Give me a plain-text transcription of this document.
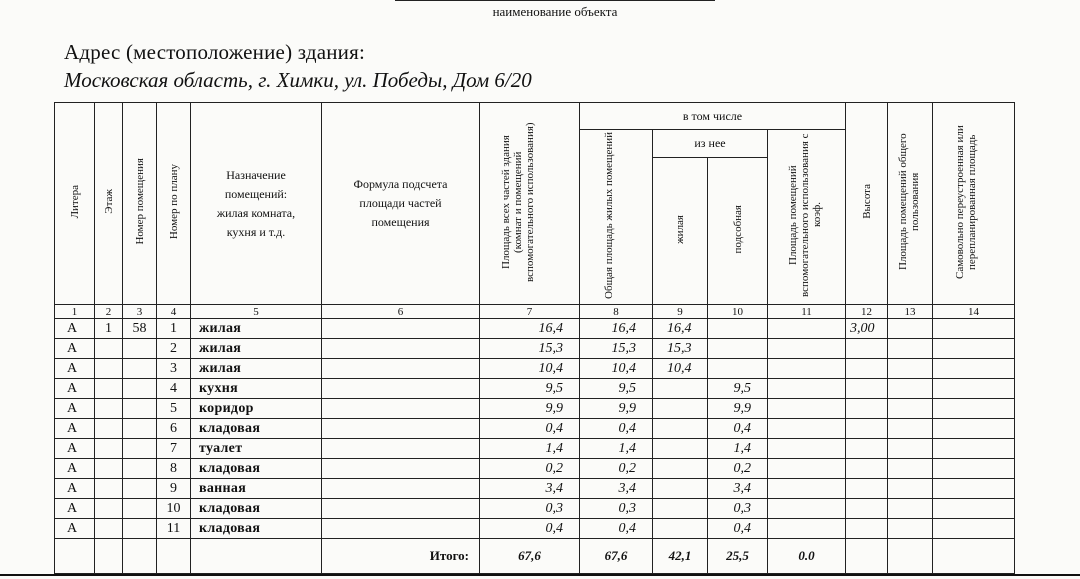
наименование объекта
Адрес (местоположение) здания:
Московская область, г. Химки, ул. Победы, Дом 6/20
Литера	Этаж	Номер помещения	Номер по плану	Назначение помещений: жилая комната, кухня и т.д.	Формула подсчета площади частей помещения	Площадь всех частей здания (комнат и помещений вспомогательного использования)	в том числе				Высота	Площадь помещений общего пользования	Самовольно переустроенная или перепланированная площадь
							Общая площадь жилых помещений	из нее		Площадь помещений вспомогательного использования с коэф.			
								жилая	подсобная				
1	2	3	4	5	6	7	8	9	10	11	12	13	14
А	1	58	1	жилая		16,4	16,4	16,4			3,00		
А			2	жилая		15,3	15,3	15,3					
А			3	жилая		10,4	10,4	10,4					
А			4	кухня		9,5	9,5		9,5				
А			5	коридор		9,9	9,9		9,9				
А			6	кладовая		0,4	0,4		0,4				
А			7	туалет		1,4	1,4		1,4				
А			8	кладовая		0,2	0,2		0,2				
А			9	ванная		3,4	3,4		3,4				
А			10	кладовая		0,3	0,3		0,3				
А			11	кладовая		0,4	0,4		0,4				
					Итого:	67,6	67,6	42,1	25,5	0.0			
